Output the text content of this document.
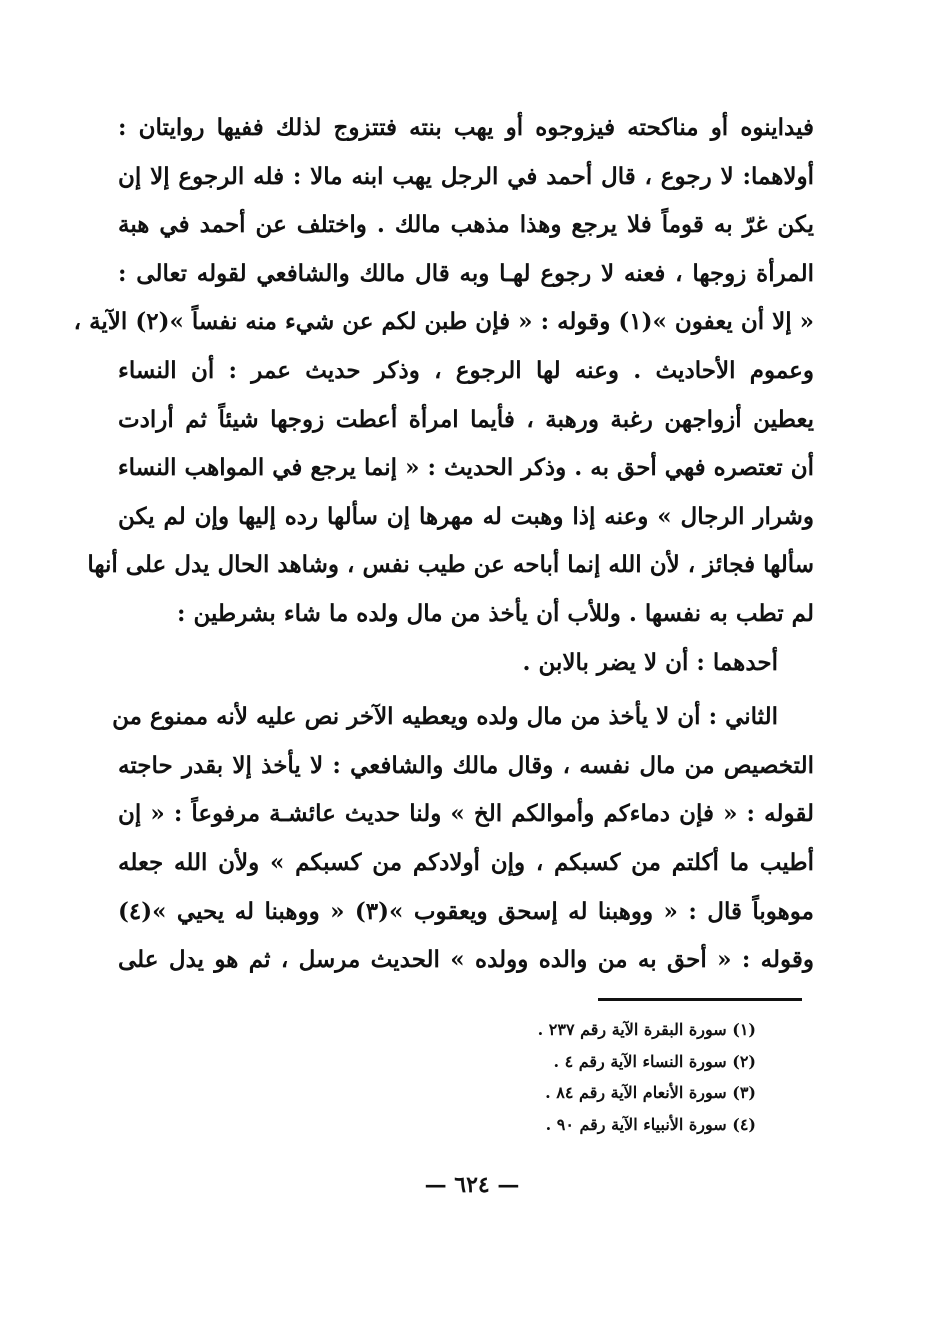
فيداينوه أو مناكحته فيزوجوه أو يهب بنته فتتزوج لذلك ففيها روايتان :
أولاهما: لا رجوع ، قال أحمد في الرجل يهب ابنه مالا : فله الرجوع إلا إن
يكن غرّ به قوماً فلا يرجع وهذا مذهب مالك . واختلف عن أحمد في هبة
المرأة زوجها ، فعنه لا رجوع لهـا وبه قال مالك والشافعي لقوله تعالى :
« إلا أن يعفون »(١) وقوله : « فإن طبن لكم عن شيء منه نفساً »(٢) الآية ،
وعموم الأحاديث . وعنه لها الرجوع ، وذكر حديث عمر : أن النساء
يعطين أزواجهن رغبة ورهبة ، فأيما امرأة أعطت زوجها شيئاً ثم أرادت
أن تعتصره فهي أحق به . وذكر الحديث : « إنما يرجع في المواهب النساء
وشرار الرجال » وعنه إذا وهبت له مهرها إن سألها رده إليها وإن لم يكن
سألها فجائز ، لأن الله إنما أباحه عن طيب نفس ، وشاهد الحال يدل على أنها
لم تطب به نفسها . وللأب أن يأخذ من مال ولده ما شاء بشرطين :
أحدهما : أن لا يضر بالابن .
الثاني : أن لا يأخذ من مال ولده ويعطيه الآخر نص عليه لأنه ممنوع من
التخصيص من مال نفسه ، وقال مالك والشافعي : لا يأخذ إلا بقدر حاجته
لقوله : « فإن دماءكم وأموالكم الخ » ولنا حديث عائشـة مرفوعاً : « إن
أطيب ما أكلتم من كسبكم ، وإن أولادكم من كسبكم » ولأن الله جعله
موهوباً قال : « ووهبنا له إسحق ويعقوب »(٣) « ووهبنا له يحيي »(٤)
وقوله : « أحق به من والده وولده » الحديث مرسل ، ثم هو يدل على
(١) سورة البقرة الآية رقم ٢٣٧ .
(٢) سورة النساء الآية رقم ٤ .
(٣) سورة الأنعام الآية رقم ٨٤ .
(٤) سورة الأنبياء الآية رقم ٩٠ .
— ٦٢٤ —
